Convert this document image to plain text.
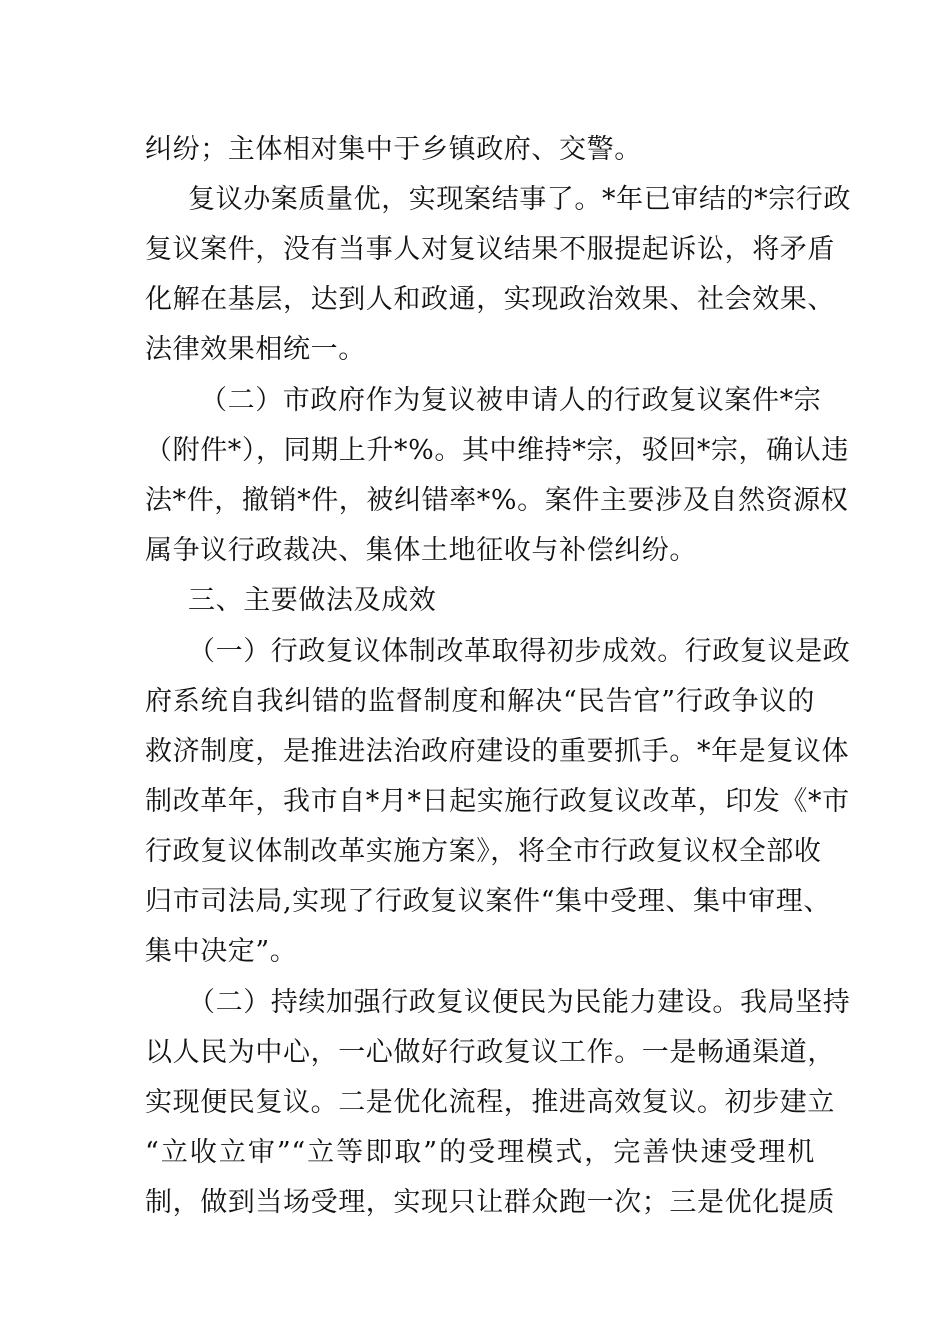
纠纷；主体相对集中于乡镇政府、交警。
复议办案质量优，实现案结事了。*年已审结的*宗行政
复议案件，没有当事人对复议结果不服提起诉讼，将矛盾
化解在基层，达到人和政通，实现政治效果、社会效果、
法律效果相统一。
（二）市政府作为复议被申请人的行政复议案件*宗
（附件*），同期上升*%。其中维持*宗，驳回*宗，确认违
法*件，撤销*件，被纠错率*%。案件主要涉及自然资源权
属争议行政裁决、集体土地征收与补偿纠纷。
三、主要做法及成效
（一）行政复议体制改革取得初步成效。行政复议是政
府系统自我纠错的监督制度和解决“民告官”行政争议的
救济制度，是推进法治政府建设的重要抓手。*年是复议体
制改革年，我市自*月*日起实施行政复议改革，印发《*市
行政复议体制改革实施方案》，将全市行政复议权全部收
归市司法局,实现了行政复议案件“集中受理、集中审理、
集中决定”。
（二）持续加强行政复议便民为民能力建设。我局坚持
以人民为中心，一心做好行政复议工作。一是畅通渠道，
实现便民复议。二是优化流程，推进高效复议。初步建立
“立收立审”“立等即取”的受理模式，完善快速受理机
制，做到当场受理，实现只让群众跑一次；三是优化提质
